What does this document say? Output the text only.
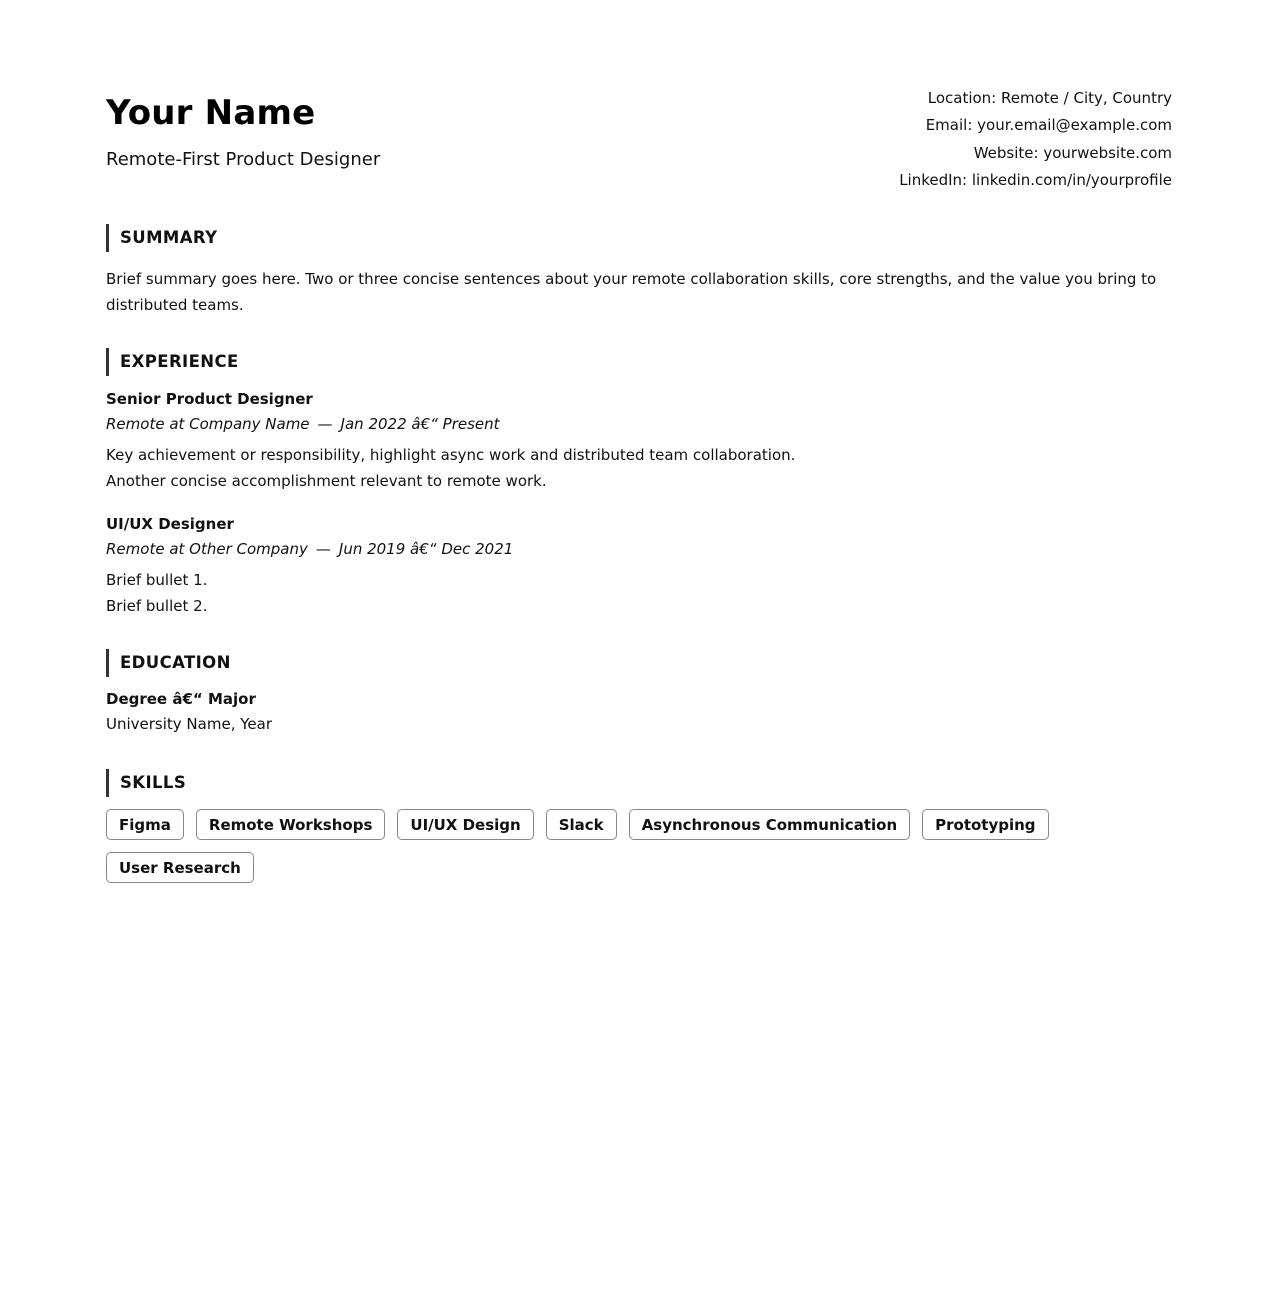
Your Name
Remote-First Product Designer
Location: Remote / City, Country
Email: your.email@example.com
Website: yourwebsite.com
LinkedIn: linkedin.com/in/yourprofile
SUMMARY

Brief summary goes here. Two or three concise sentences about your remote collaboration skills, core strengths, and the value you bring to distributed teams.

EXPERIENCE
Senior Product Designer
Remote at Company Name — Jan 2022 â€“ Present
Key achievement or responsibility, highlight async work and distributed team collaboration.
Another concise accomplishment relevant to remote work.
UI/UX Designer
Remote at Other Company — Jun 2019 â€“ Dec 2021
Brief bullet 1.
Brief bullet 2.
EDUCATION
Degree â€“ Major
University Name, Year
SKILLS
Figma	Remote Workshops	UI/UX Design	Slack	Asynchronous Communication	Prototyping
User Research
